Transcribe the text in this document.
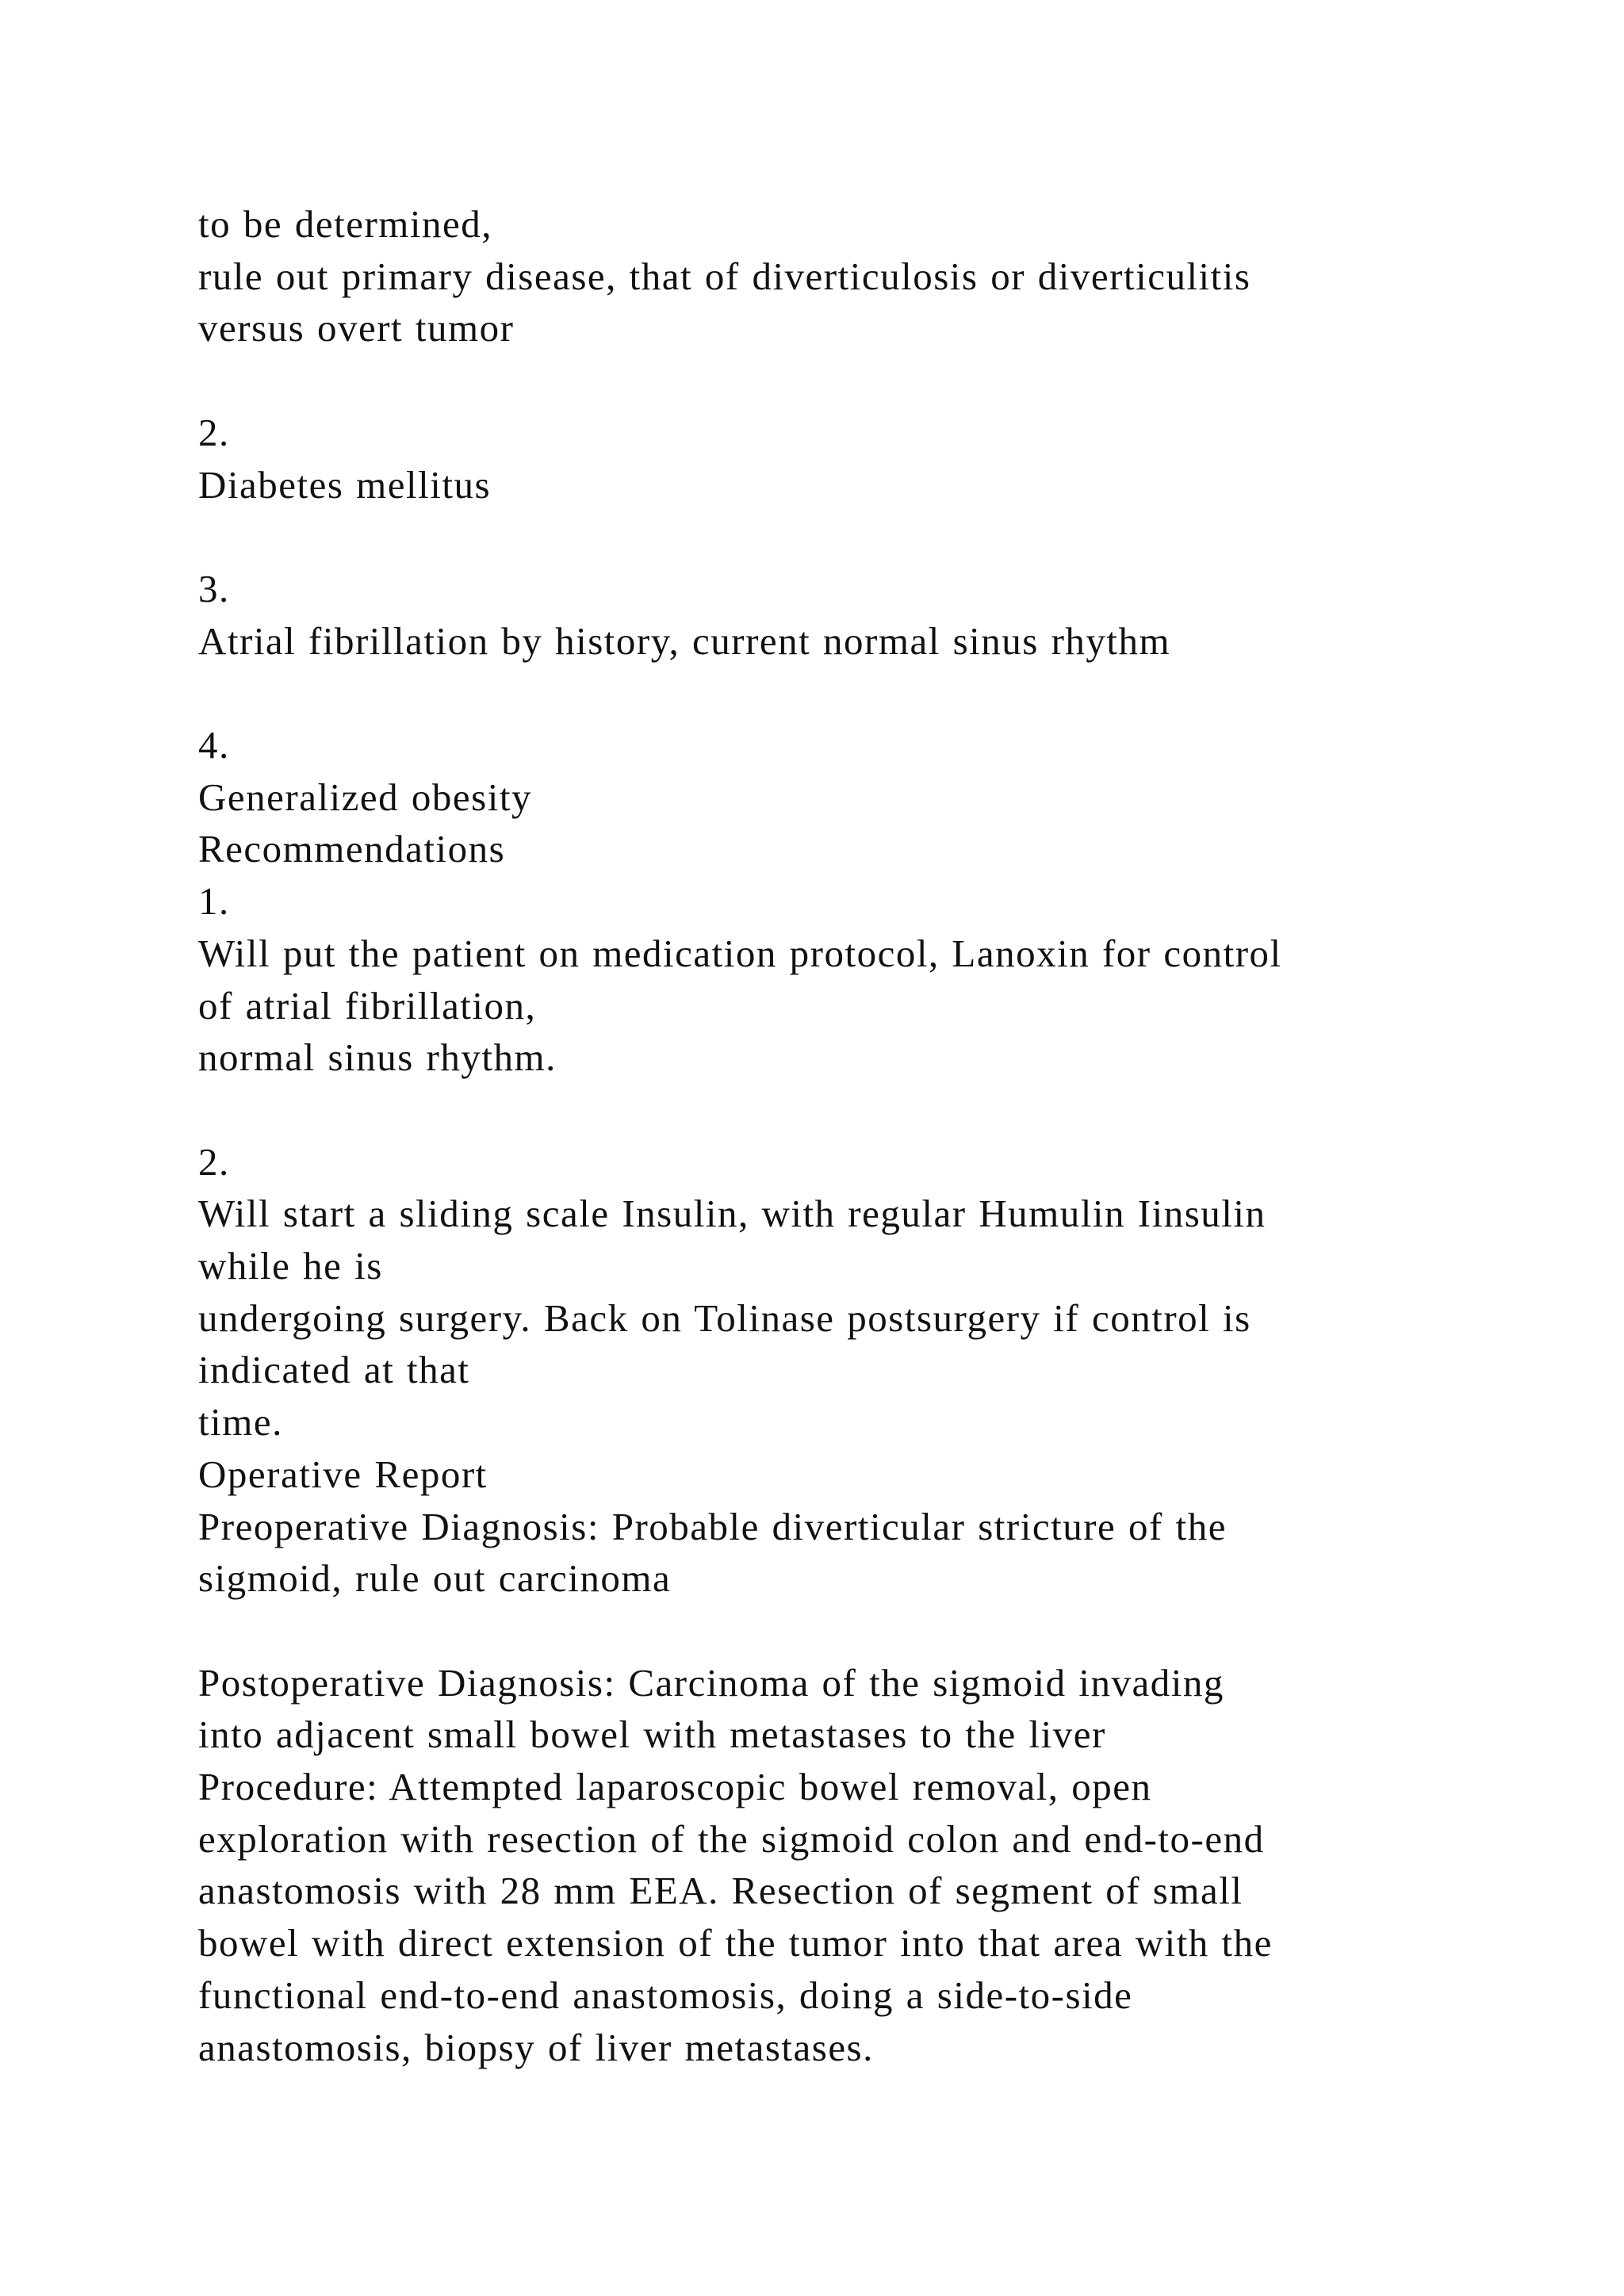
to be determined,
rule out primary disease, that of diverticulosis or diverticulitis
versus overt tumor
2.
Diabetes mellitus
3.
Atrial fibrillation by history, current normal sinus rhythm
4.
Generalized obesity
Recommendations
1.
Will put the patient on medication protocol, Lanoxin for control
of atrial fibrillation,
normal sinus rhythm.
2.
Will start a sliding scale Insulin, with regular Humulin Iinsulin
while he is
undergoing surgery. Back on Tolinase postsurgery if control is
indicated at that
time.
Operative Report
Preoperative Diagnosis: Probable diverticular stricture of the
sigmoid, rule out carcinoma
Postoperative Diagnosis: Carcinoma of the sigmoid invading
into adjacent small bowel with metastases to the liver
Procedure: Attempted laparoscopic bowel removal, open
exploration with resection of the sigmoid colon and end-to-end
anastomosis with 28 mm EEA. Resection of segment of small
bowel with direct extension of the tumor into that area with the
functional end-to-end anastomosis, doing a side-to-side
anastomosis, biopsy of liver metastases.
